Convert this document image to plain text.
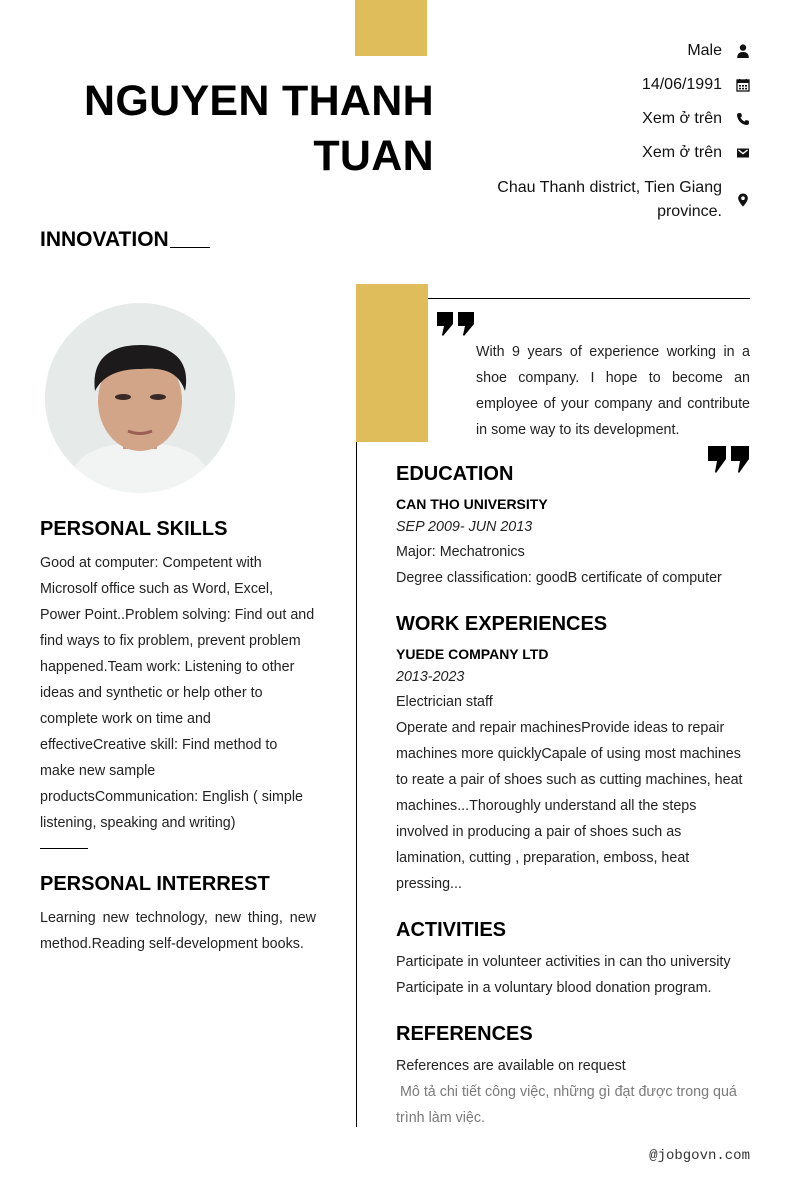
NGUYEN THANH
TUAN
INNOVATION
Male
14/06/1991
Xem ở trên
Xem ở trên
Chau Thanh district, Tien Giang province.
With 9 years of experience working in a shoe company. I hope to become an employee of your company and contribute in some way to its development.
PERSONAL SKILLS
Good at computer: Competent with Microsolf office such as Word, Excel, Power Point..Problem solving: Find out and find ways to fix problem, prevent problem happened.Team work: Listening to other ideas and synthetic or help other to complete work on time and effectiveCreative skill: Find method to make new sample productsCommunication: English ( simple listening, speaking and writing)
PERSONAL INTERREST
Learning new technology, new thing, new method.Reading self-development books.
EDUCATION
CAN THO UNIVERSITY
SEP 2009- JUN 2013
Major: Mechatronics
Degree classification: goodB certificate of computer
WORK EXPERIENCES
YUEDE COMPANY LTD
2013-2023
Electrician staff
Operate and repair machinesProvide ideas to repair machines more quicklyCapale of using most machines to reate a pair of shoes such as cutting machines, heat machines...Thoroughly understand all the steps involved in producing a pair of shoes such as lamination, cutting , preparation, emboss, heat pressing...
ACTIVITIES
Participate in volunteer activities in can tho university
Participate in a voluntary blood donation program.
REFERENCES
References are available on request
Mô tả chi tiết công việc, những gì đạt được trong quá trình làm việc.
@jobgovn.com
